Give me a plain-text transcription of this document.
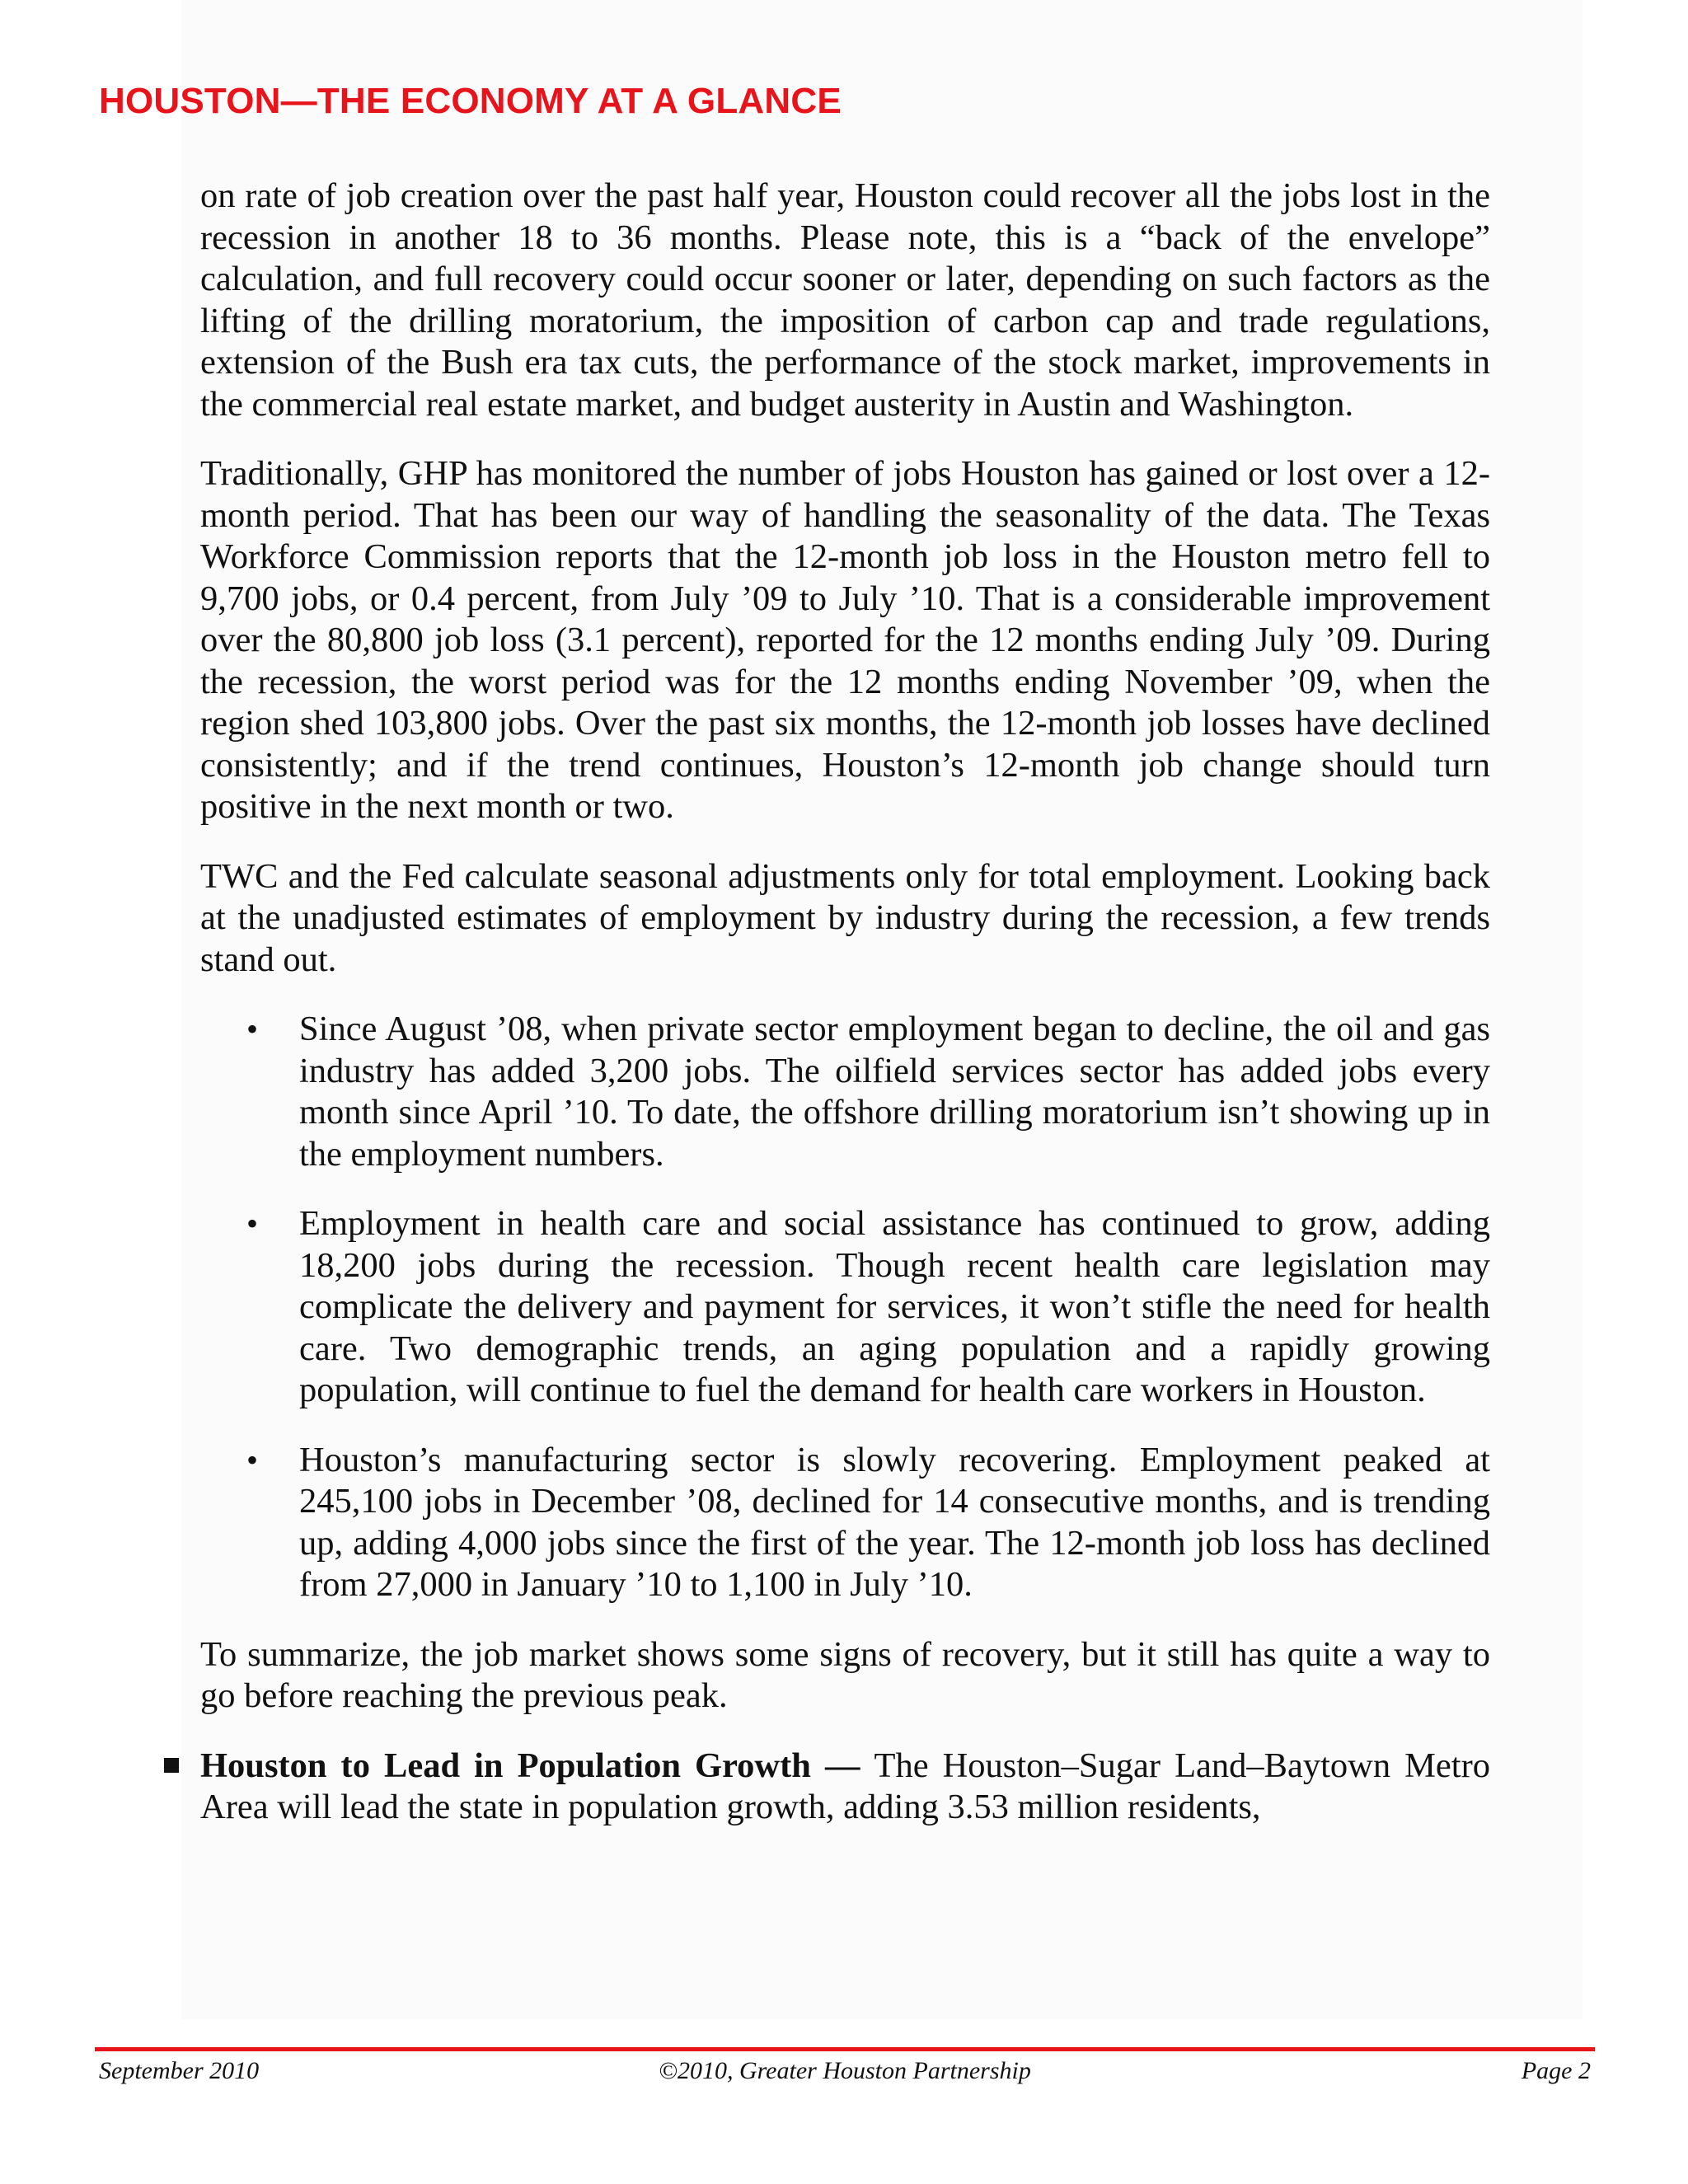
HOUSTON—THE ECONOMY AT A GLANCE

on rate of job creation over the past half year, Houston could recover all the jobs lost in the recession in another 18 to 36 months. Please note, this is a “back of the envelope” calculation, and full recovery could occur sooner or later, depending on such factors as the lifting of the drilling moratorium, the imposition of carbon cap and trade regulations, extension of the Bush era tax cuts, the performance of the stock market, improvements in the commercial real estate market, and budget austerity in Austin and Washington.

Traditionally, GHP has monitored the number of jobs Houston has gained or lost over a 12-month period. That has been our way of handling the seasonality of the data. The Texas Workforce Commission reports that the 12-month job loss in the Houston metro fell to 9,700 jobs, or 0.4 percent, from July ’09 to July ’10. That is a considerable improvement over the 80,800 job loss (3.1 percent), reported for the 12 months ending July ’09. During the recession, the worst period was for the 12 months ending November ’09, when the region shed 103,800 jobs. Over the past six months, the 12-month job losses have declined consistently; and if the trend continues, Houston’s 12-month job change should turn positive in the next month or two.

TWC and the Fed calculate seasonal adjustments only for total employment. Looking back at the unadjusted estimates of employment by industry during the recession, a few trends stand out.

• Since August ’08, when private sector employment began to decline, the oil and gas industry has added 3,200 jobs. The oilfield services sector has added jobs every month since April ’10. To date, the offshore drilling moratorium isn’t showing up in the employment numbers.
• Employment in health care and social assistance has continued to grow, adding 18,200 jobs during the recession. Though recent health care legislation may complicate the delivery and payment for services, it won’t stifle the need for health care. Two demographic trends, an aging population and a rapidly growing population, will continue to fuel the demand for health care workers in Houston.
• Houston’s manufacturing sector is slowly recovering. Employment peaked at 245,100 jobs in December ’08, declined for 14 consecutive months, and is trending up, adding 4,000 jobs since the first of the year. The 12-month job loss has declined from 27,000 in January ’10 to 1,100 in July ’10.

To summarize, the job market shows some signs of recovery, but it still has quite a way to go before reaching the previous peak.

Houston to Lead in Population Growth — The Houston–Sugar Land–Baytown Metro Area will lead the state in population growth, adding 3.53 million residents,
September 2010	©2010, Greater Houston Partnership	Page 2
